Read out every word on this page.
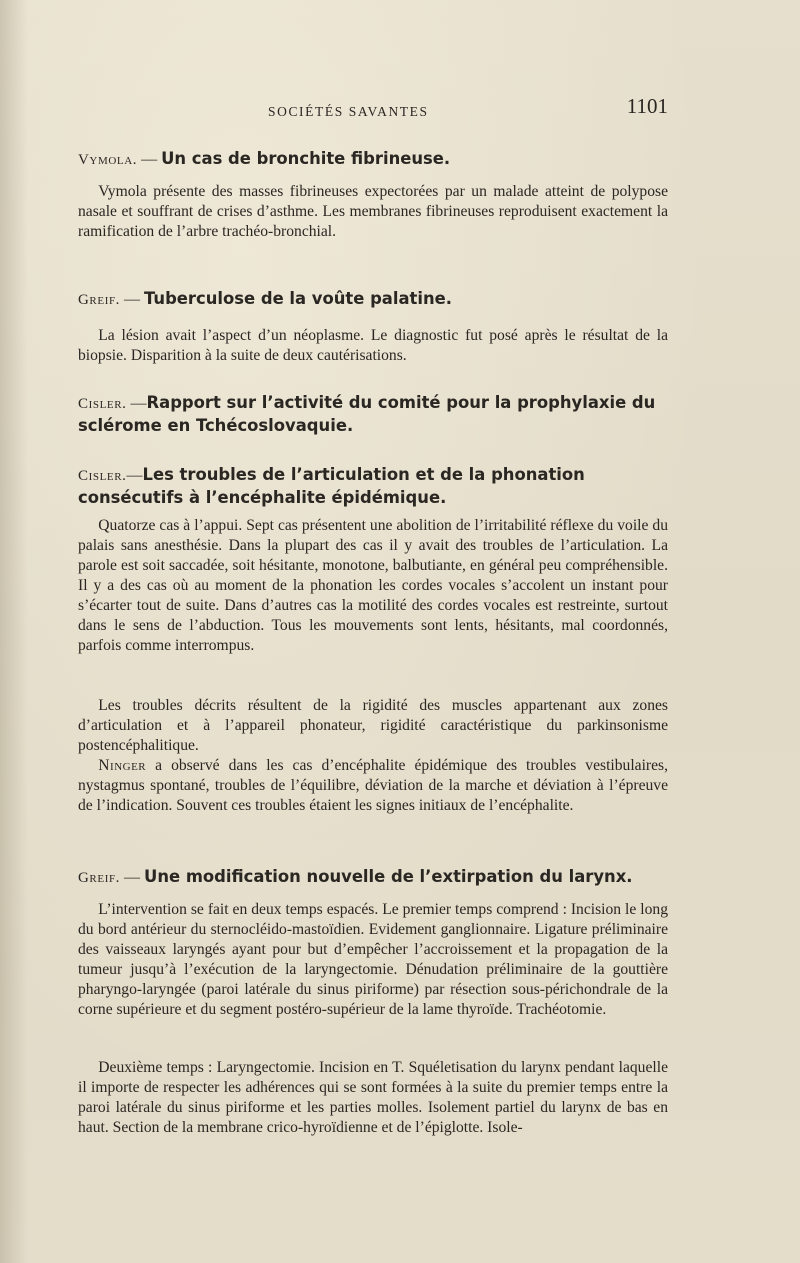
SOCIÉTÉS SAVANTES	1101
Vymola. — Un cas de bronchite fibrineuse.

Vymola présente des masses fibrineuses expectorées par un malade atteint de polypose nasale et souffrant de crises d’asthme. Les membranes fibrineuses reproduisent exactement la ramification de l’arbre trachéo-bronchial.

Greif. — Tuberculose de la voûte palatine.

La lésion avait l’aspect d’un néoplasme. Le diagnostic fut posé après le résultat de la biopsie. Disparition à la suite de deux cautérisations.

Cisler. —Rapport sur l’activité du comité pour la prophylaxie du sclérome en Tchécoslovaquie.
Cisler.—Les troubles de l’articulation et de la phonation consécutifs à l’encéphalite épidémique.

Quatorze cas à l’appui. Sept cas présentent une abolition de l’irritabilité réflexe du voile du palais sans anesthésie. Dans la plupart des cas il y avait des troubles de l’articulation. La parole est soit saccadée, soit hésitante, monotone, balbutiante, en général peu compréhensible. Il y a des cas où au moment de la phonation les cordes vocales s’accolent un instant pour s’écarter tout de suite. Dans d’autres cas la motilité des cordes vocales est restreinte, surtout dans le sens de l’abduction. Tous les mouvements sont lents, hésitants, mal coordonnés, parfois comme interrompus.

Les troubles décrits résultent de la rigidité des muscles appartenant aux zones d’articulation et à l’appareil phonateur, rigidité caractéristique du parkinsonisme postencéphalitique.

Ninger a observé dans les cas d’encéphalite épidémique des troubles vestibulaires, nystagmus spontané, troubles de l’équilibre, déviation de la marche et déviation à l’épreuve de l’indication. Souvent ces troubles étaient les signes initiaux de l’encéphalite.

Greif. — Une modification nouvelle de l’extirpation du larynx.

L’intervention se fait en deux temps espacés. Le premier temps comprend : Incision le long du bord antérieur du sternocléido-mastoïdien. Evidement ganglionnaire. Ligature préliminaire des vaisseaux laryngés ayant pour but d’empêcher l’accroissement et la propagation de la tumeur jusqu’à l’exécution de la laryngectomie. Dénudation préliminaire de la gouttière pharyngo-laryngée (paroi latérale du sinus piriforme) par résection sous-périchondrale de la corne supérieure et du segment postéro-supérieur de la lame thyroïde. Trachéotomie.

Deuxième temps : Laryngectomie. Incision en T. Squéletisation du larynx pendant laquelle il importe de respecter les adhérences qui se sont formées à la suite du premier temps entre la paroi latérale du sinus piriforme et les parties molles. Isolement partiel du larynx de bas en haut. Section de la membrane crico-hyroïdienne et de l’épiglotte. Isole-
